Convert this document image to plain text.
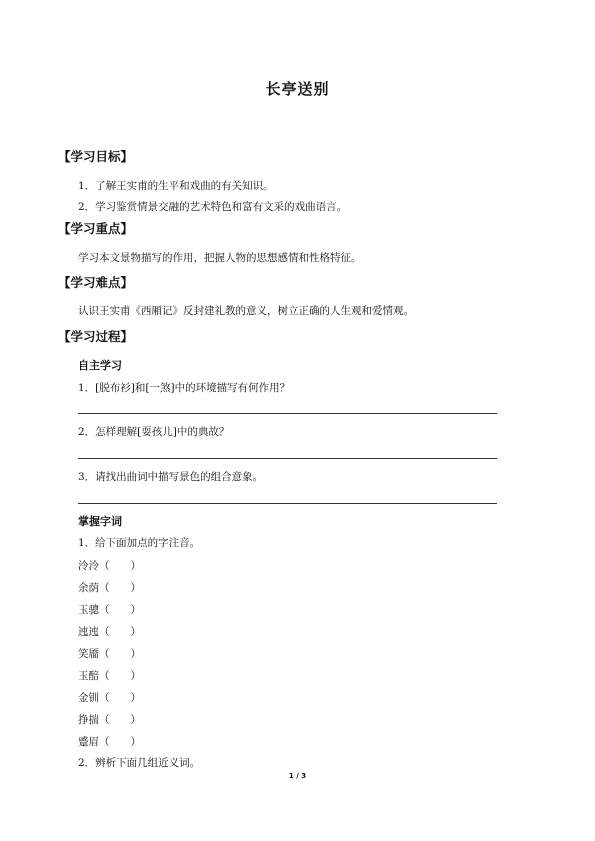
长亭送别
【学习目标】
1．了解王实甫的生平和戏曲的有关知识。
2．学习鉴赏情景交融的艺术特色和富有文采的戏曲语言。
【学习重点】
学习本文景物描写的作用，把握人物的思想感情和性格特征。
【学习难点】
认识王实甫《西厢记》反封建礼教的意义，树立正确的人生观和爱情观。
【学习过程】
自主学习
1．[脱布衫]和[一煞]中的环境描写有何作用？
2．怎样理解[耍孩儿]中的典故？
3．请找出曲词中描写景色的组合意象。
掌握字词
1．给下面加点的字注音。
泠泠（　　）
余荫（　　）
玉骢（　　）
迍迍（　　）
笑靥（　　）
玉醅（　　）
金钏（　　）
挣揣（　　）
蹙眉（　　）
2．辨析下面几组近义词。
1 / 3
